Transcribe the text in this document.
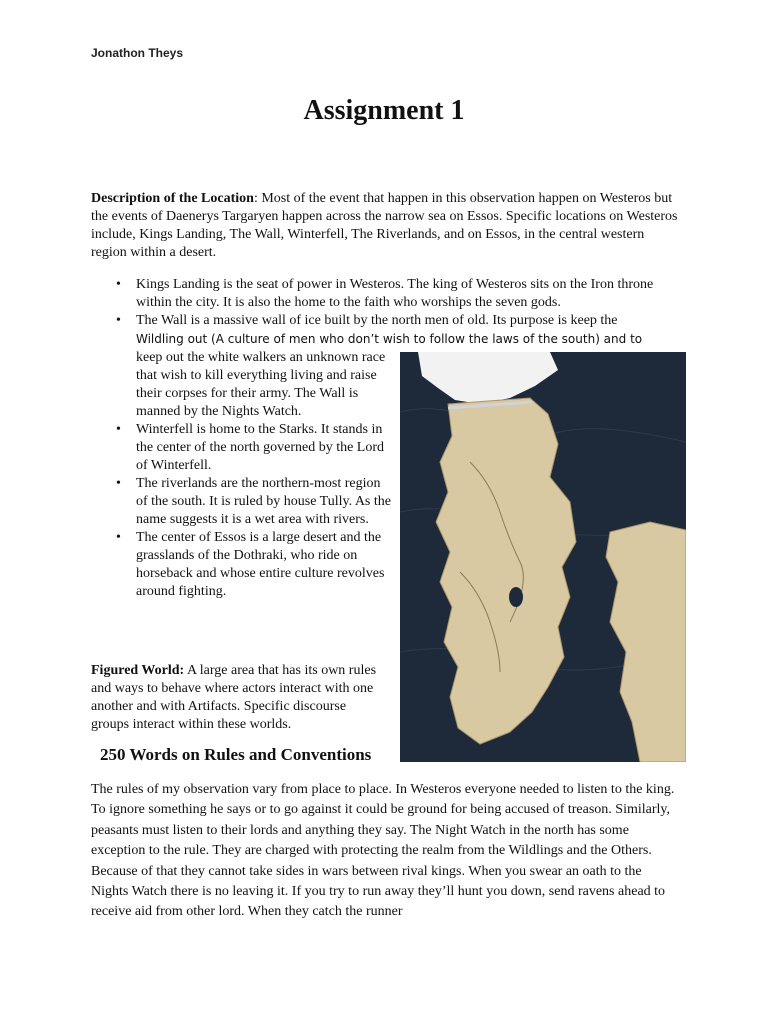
Jonathon Theys
Assignment 1

Description of the Location: Most of the event that happen in this observation happen on Westeros but the events of Daenerys Targaryen happen across the narrow sea on Essos. Specific locations on Westeros include, Kings Landing, The Wall, Winterfell, The Riverlands, and on Essos, in the central western region within a desert.

• Kings Landing is the seat of power in Westeros. The king of Westeros sits on the Iron throne within the city. It is also the home to the faith who worships the seven gods.
• The Wall is a massive wall of ice built by the north men of old. Its purpose is keep the
Wildling out (A culture of men who don’t wish to follow the laws of the south) and to
keep out the white walkers an unknown race that wish to kill everything living and raise their corpses for their army. The Wall is manned by the Nights Watch.
• Winterfell is home to the Starks. It stands in the center of the north governed by the Lord of Winterfell.
• The riverlands are the northern-most region of the south. It is ruled by house Tully. As the name suggests it is a wet area with rivers.
• The center of Essos is a large desert and the grasslands of the Dothraki, who ride on horseback and whose entire culture revolves around fighting.

Figured World: A large area that has its own rules and ways to behave where actors interact with one another and with Artifacts. Specific discourse groups interact within these worlds.

250 Words on Rules and Conventions

The rules of my observation vary from place to place. In Westeros everyone needed to listen to the king. To ignore something he says or to go against it could be ground for being accused of treason. Similarly, peasants must listen to their lords and anything they say. The Night Watch in the north has some exception to the rule. They are charged with protecting the realm from the Wildlings and the Others. Because of that they cannot take sides in wars between rival kings. When you swear an oath to the Nights Watch there is no leaving it. If you try to run away they’ll hunt you down, send ravens ahead to receive aid from other lord. When they catch the runner
